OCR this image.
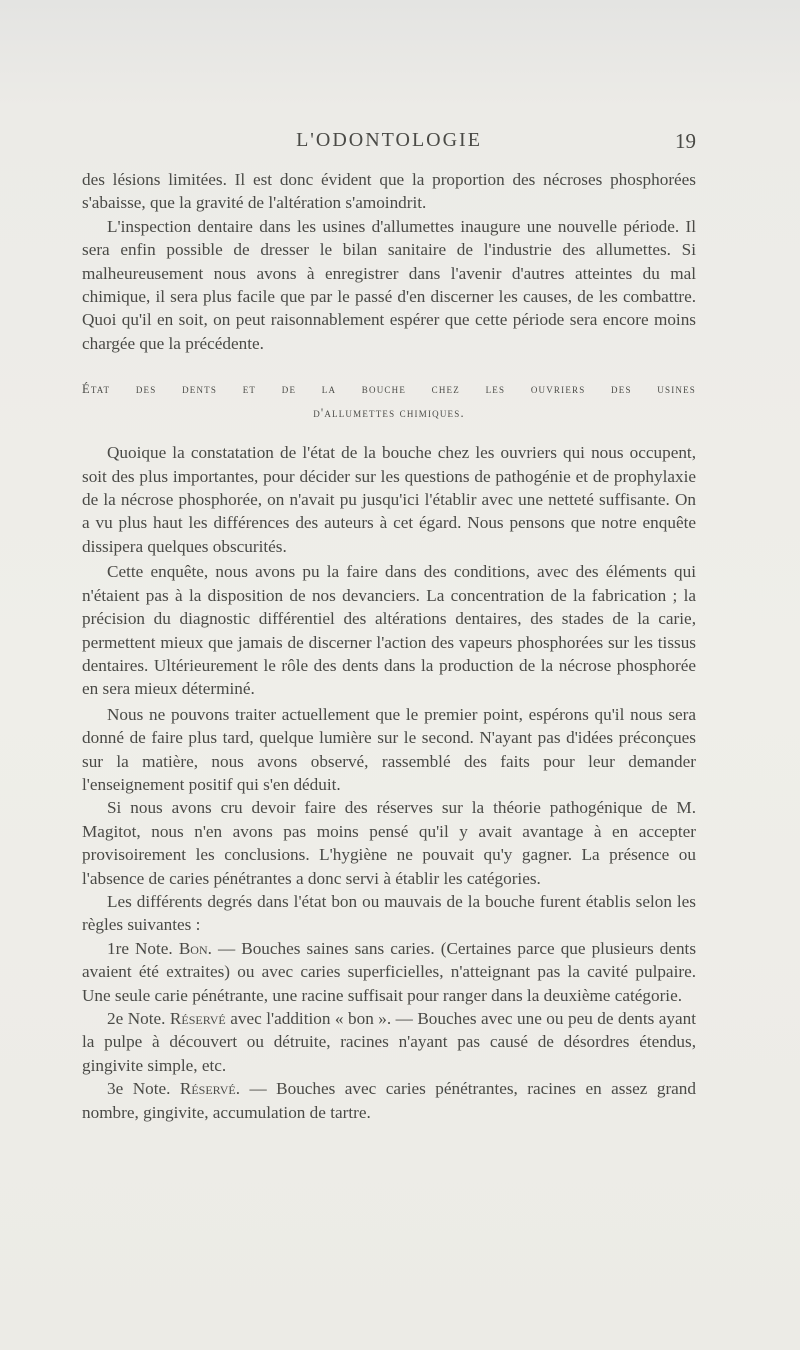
L'ODONTOLOGIE	19

des lésions limitées. Il est donc évident que la proportion des nécroses phosphorées s'abaisse, que la gravité de l'altération s'amoindrit.

L'inspection dentaire dans les usines d'allumettes inaugure une nouvelle période. Il sera enfin possible de dresser le bilan sanitaire de l'industrie des allumettes. Si malheureusement nous avons à enregistrer dans l'avenir d'autres atteintes du mal chimique, il sera plus facile que par le passé d'en discerner les causes, de les combattre. Quoi qu'il en soit, on peut raisonnablement espérer que cette période sera encore moins chargée que la précédente.

État des dents et de la bouche chez les ouvriers des usines
d'allumettes chimiques.

Quoique la constatation de l'état de la bouche chez les ouvriers qui nous occupent, soit des plus importantes, pour décider sur les questions de pathogénie et de prophylaxie de la nécrose phosphorée, on n'avait pu jusqu'ici l'établir avec une netteté suffisante. On a vu plus haut les différences des auteurs à cet égard. Nous pensons que notre enquête dissipera quelques obscurités.

Cette enquête, nous avons pu la faire dans des conditions, avec des éléments qui n'étaient pas à la disposition de nos devanciers. La concentration de la fabrication ; la précision du diagnostic différentiel des altérations dentaires, des stades de la carie, permettent mieux que jamais de discerner l'action des vapeurs phosphorées sur les tissus dentaires. Ultérieurement le rôle des dents dans la production de la nécrose phosphorée en sera mieux déterminé.

Nous ne pouvons traiter actuellement que le premier point, espérons qu'il nous sera donné de faire plus tard, quelque lumière sur le second. N'ayant pas d'idées préconçues sur la matière, nous avons observé, rassemblé des faits pour leur demander l'enseignement positif qui s'en déduit.

Si nous avons cru devoir faire des réserves sur la théorie pathogénique de M. Magitot, nous n'en avons pas moins pensé qu'il y avait avantage à en accepter provisoirement les conclusions. L'hygiène ne pouvait qu'y gagner. La présence ou l'absence de caries pénétrantes a donc servi à établir les catégories.

Les différents degrés dans l'état bon ou mauvais de la bouche furent établis selon les règles suivantes :

1re Note. Bon. — Bouches saines sans caries. (Certaines parce que plusieurs dents avaient été extraites) ou avec caries superficielles, n'atteignant pas la cavité pulpaire. Une seule carie pénétrante, une racine suffisait pour ranger dans la deuxième catégorie.

2e Note. Réservé avec l'addition « bon ». — Bouches avec une ou peu de dents ayant la pulpe à découvert ou détruite, racines n'ayant pas causé de désordres étendus, gingivite simple, etc.

3e Note. Réservé. — Bouches avec caries pénétrantes, racines en assez grand nombre, gingivite, accumulation de tartre.
